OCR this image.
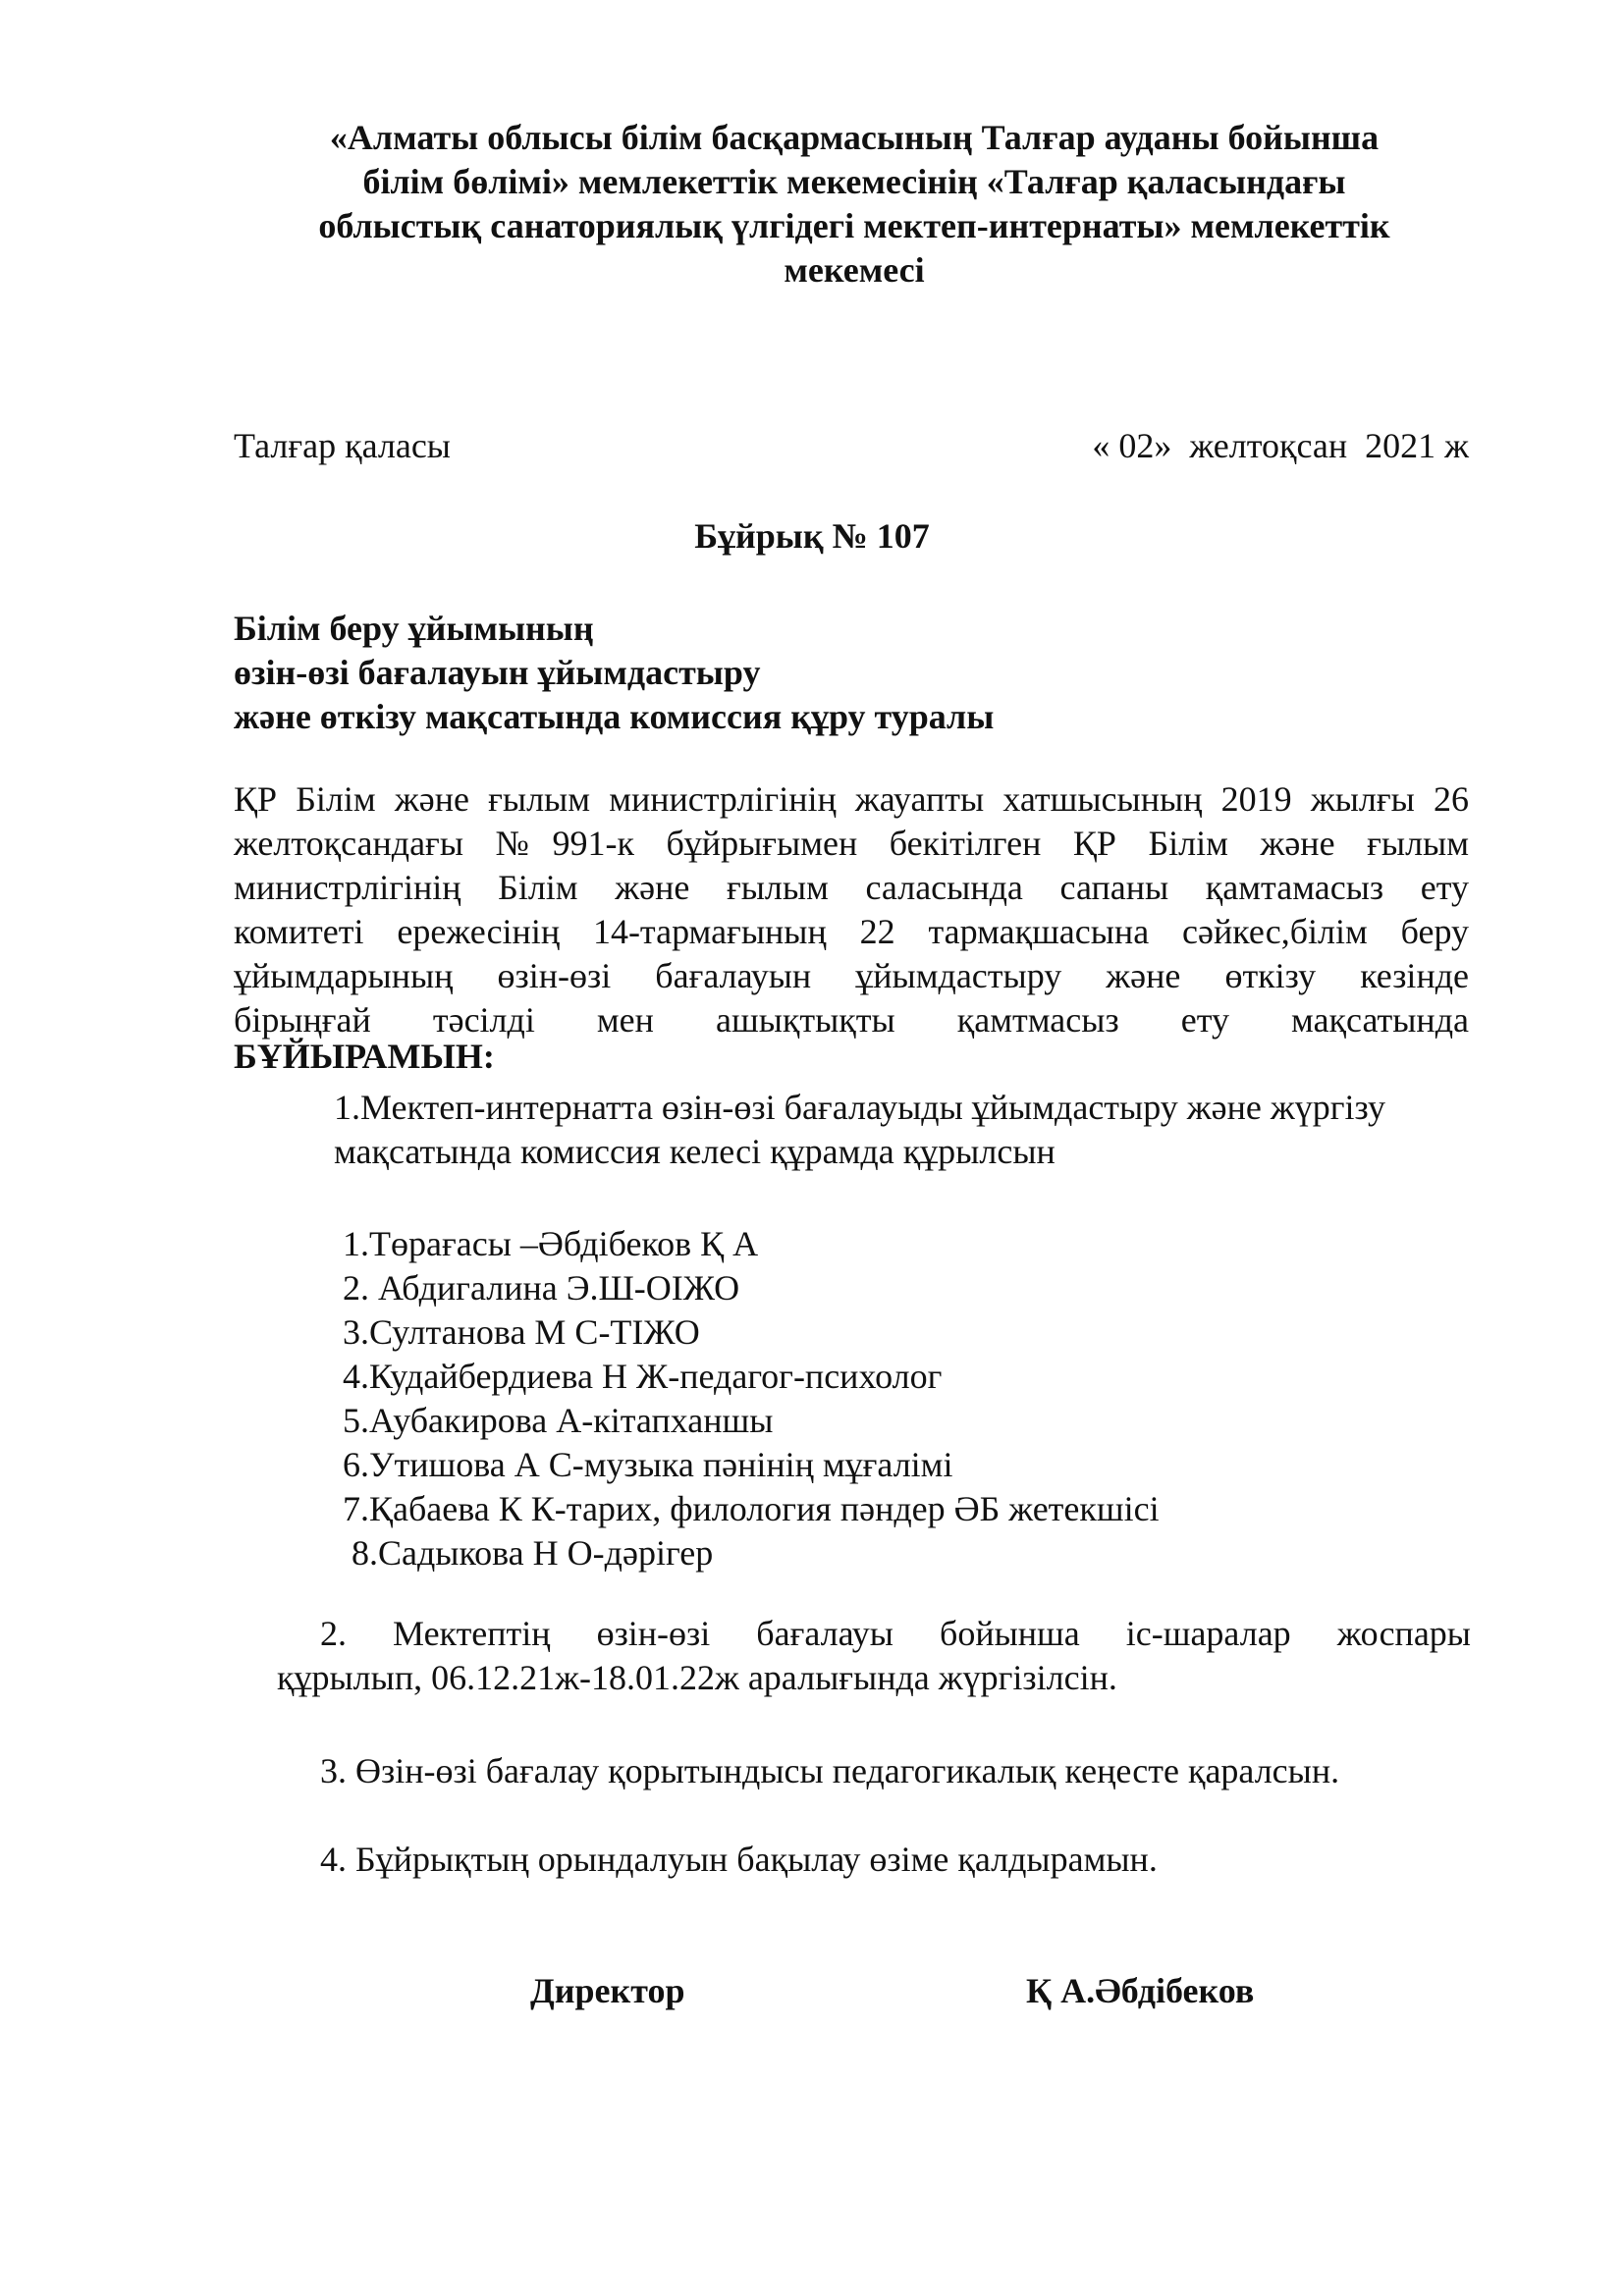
«Алматы облысы білім басқармасының Талғар ауданы бойынша
білім бөлімі» мемлекеттік мекемесінің «Талғар қаласындағы
облыстық санаториялық үлгідегі мектеп-интернаты» мемлекеттік
мекемесі
Талғар қаласы	« 02»  желтоқсан  2021 ж
Бұйрық № 107
Білім беру ұйымының
өзін-өзі бағалауын ұйымдастыру
және өткізу мақсатында комиссия құру туралы
ҚР Білім және ғылым министрлігінің жауапты хатшысының 2019 жылғы 26
желтоқсандағы №991-к бұйрығымен бекітілген ҚР Білім және ғылым
министрлігінің Білім және ғылым саласында сапаны қамтамасыз ету
комитеті ережесінің 14-тармағының 22 тармақшасына сәйкес,білім беру
ұйымдарының өзін-өзі бағалауын ұйымдастыру және өткізу кезінде
бірыңғай тәсілді мен ашықтықты қамтмасыз ету мақсатында
БҰЙЫРАМЫН:
1.Мектеп-интернатта өзін-өзі бағалауыды ұйымдастыру және жүргізу
мақсатында комиссия келесі құрамда құрылсын
1.Төрағасы –Әбдібеков Қ А
2. Абдигалина Э.Ш-ОІЖО
3.Султанова М С-ТІЖО
4.Кудайбердиева Н Ж-педагог-психолог
5.Аубакирова А-кітапханшы
6.Утишова А С-музыка пәнінің мұғалімі
7.Қабаева К К-тарих, филология пәндер ӘБ жетекшісі
8.Садыкова Н О-дәрігер
2. Мектептің өзін-өзі бағалауы бойынша іс-шаралар жоспары
құрылып, 06.12.21ж-18.01.22ж аралығында жүргізілсін.
3. Өзін-өзі бағалау қорытындысы педагогикалық кеңесте қаралсын.
4. Бұйрықтың орындалуын бақылау өзіме қалдырамын.
Директор	Қ А.Әбдібеков
